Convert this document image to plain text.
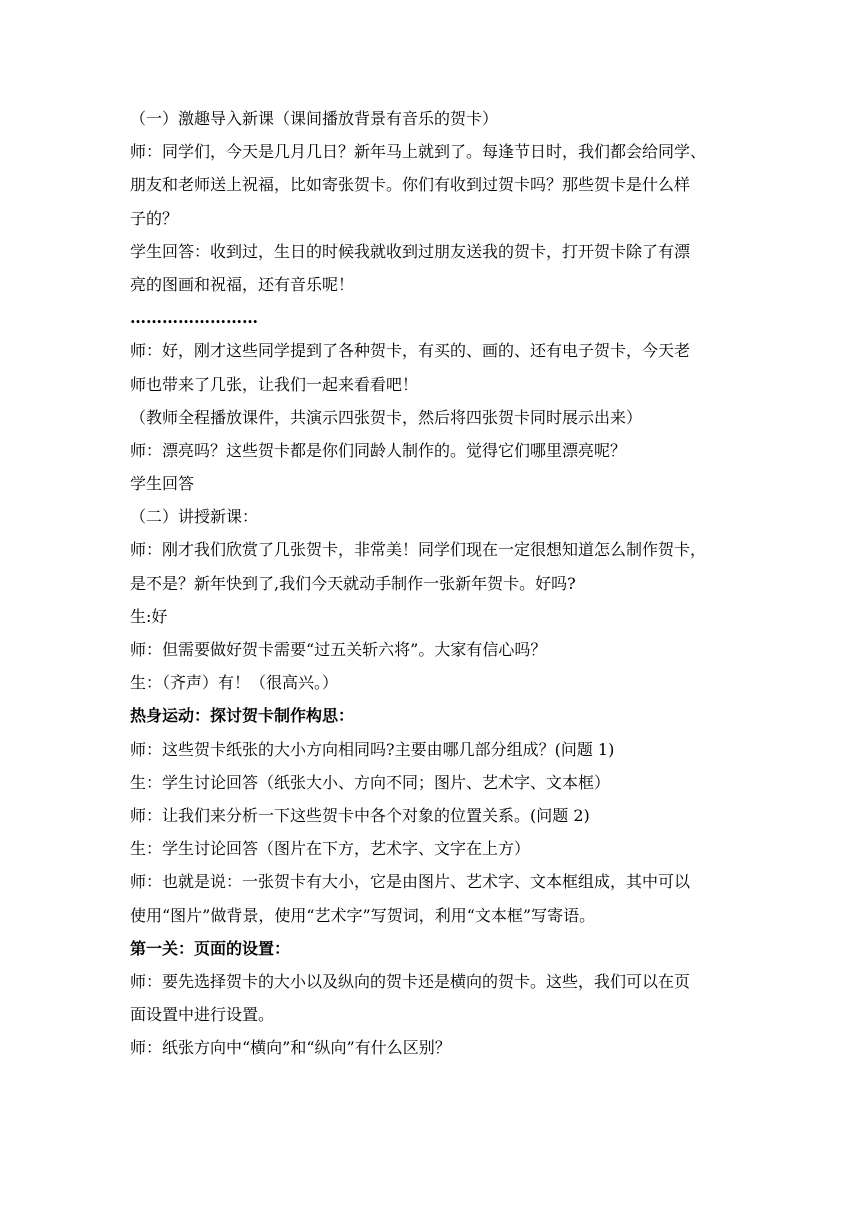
（一）激趣导入新课（课间播放背景有音乐的贺卡）
师：同学们，今天是几月几日？新年马上就到了。每逢节日时，我们都会给同学、
朋友和老师送上祝福，比如寄张贺卡。你们有收到过贺卡吗？那些贺卡是什么样
子的？
学生回答：收到过，生日的时候我就收到过朋友送我的贺卡，打开贺卡除了有漂
亮的图画和祝福，还有音乐呢！
……………………
师：好，刚才这些同学提到了各种贺卡，有买的、画的、还有电子贺卡，今天老
师也带来了几张，让我们一起来看看吧！
（教师全程播放课件，共演示四张贺卡，然后将四张贺卡同时展示出来）
师：漂亮吗？这些贺卡都是你们同龄人制作的。觉得它们哪里漂亮呢？
学生回答
（二）讲授新课：
师：刚才我们欣赏了几张贺卡，非常美！同学们现在一定很想知道怎么制作贺卡，
是不是？新年快到了,我们今天就动手制作一张新年贺卡。好吗?
生:好
师：但需要做好贺卡需要“过五关斩六将”。大家有信心吗？
生：（齐声）有！（很高兴。）
热身运动：探讨贺卡制作构思：
师：这些贺卡纸张的大小方向相同吗?主要由哪几部分组成？(问题 1)
生：学生讨论回答（纸张大小、方向不同；图片、艺术字、文本框）
师：让我们来分析一下这些贺卡中各个对象的位置关系。(问题 2)
生：学生讨论回答（图片在下方，艺术字、文字在上方）
师：也就是说：一张贺卡有大小，它是由图片、艺术字、文本框组成，其中可以
使用“图片”做背景，使用“艺术字”写贺词，利用“文本框”写寄语。
第一关：页面的设置：
师：要先选择贺卡的大小以及纵向的贺卡还是横向的贺卡。这些，我们可以在页
面设置中进行设置。
师：纸张方向中“横向”和“纵向”有什么区别？
